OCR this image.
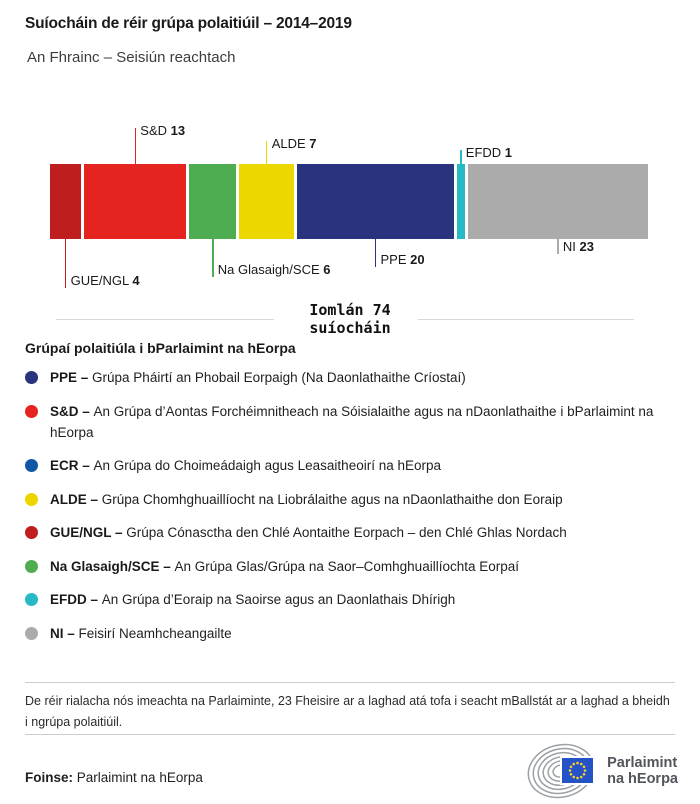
Suíocháin de réir grúpa polaitiúil – 2014–2019
An Fhrainc – Seisiún reachtach
GUE/NGL 4
S&D 13
Na Glasaigh/SCE 6
ALDE 7
PPE 20
EFDD 1
NI 23
Iomlán 74
suíocháin
Grúpaí polaitiúla i bParlaimint na hEorpa
PPE – Grúpa Pháirtí an Phobail Eorpaigh (Na Daonlathaithe Críostaí)
S&D – An Grúpa d’Aontas Forchéimnitheach na Sóisialaithe agus na nDaonlathaithe i bParlaimint na hEorpa
ECR – An Grúpa do Choimeádaigh agus Leasaitheoirí na hEorpa
ALDE – Grúpa Chomhghuaillíocht na Liobrálaithe agus na nDaonlathaithe don Eoraip
GUE/NGL – Grúpa Cónasctha den Chlé Aontaithe Eorpach – den Chlé Ghlas Nordach
Na Glasaigh/SCE – An Grúpa Glas/Grúpa na Saor–Comhghuaillíochta Eorpaí
EFDD – An Grúpa d’Eoraip na Saoirse agus an Daonlathais Dhírigh
NI – Feisirí Neamhcheangailte

De réir rialacha nós imeachta na Parlaiminte, 23 Fheisire ar a laghad atá tofa i seacht mBallstát ar a laghad a bheidh i ngrúpa polaitiúil.

Foinse: Parlaimint na hEorpa
Parlaimint
na hEorpa
